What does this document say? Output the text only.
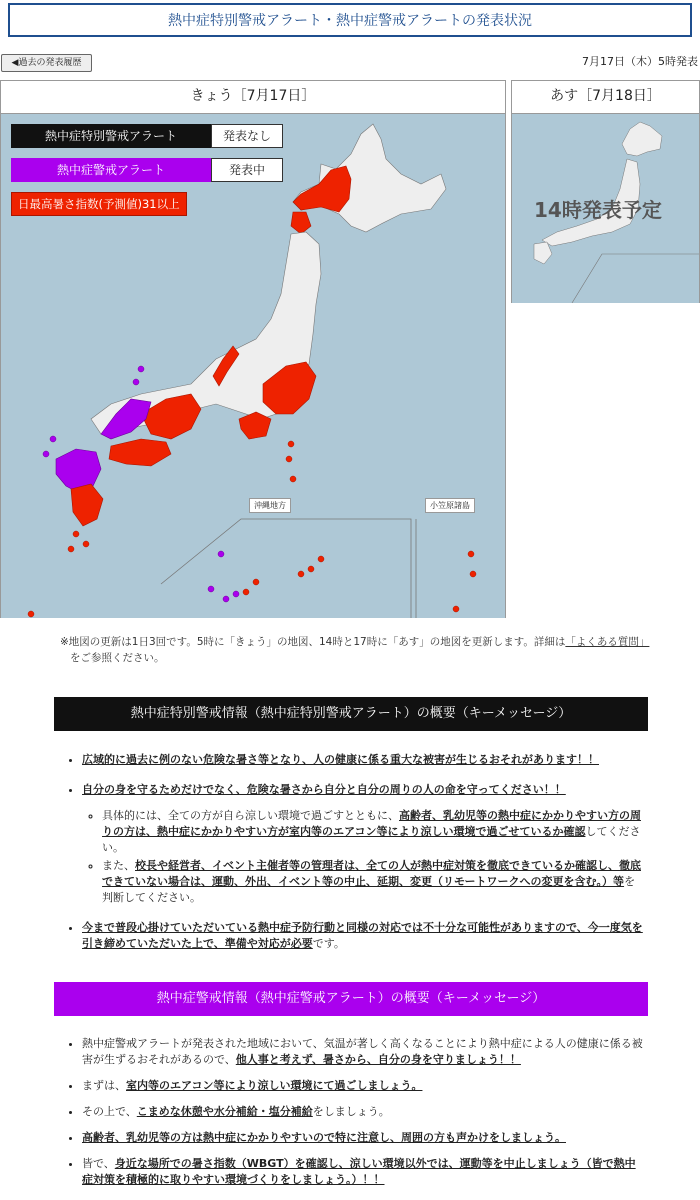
熱中症特別警戒アラート・熱中症警戒アラートの発表状況
◀過去の発表履歴	7月17日（木）5時発表
きょう［7月17日］
熱中症特別警戒アラート	発表なし
熱中症警戒アラート	発表中
日最高暑さ指数(予測値)31以上
沖縄地方	小笠原諸島
あす［7月18日］
14時発表予定
※地図の更新は1日3回です。5時に「きょう」の地図、14時と17時に「あす」の地図を更新します。詳細は「よくある質問」
をご参照ください。
熱中症特別警戒情報（熱中症特別警戒アラート）の概要（キーメッセージ）
• 広域的に過去に例のない危険な暑さ等となり、人の健康に係る重大な被害が生じるおそれがあります！！
• 自分の身を守るためだけでなく、危険な暑さから自分と自分の周りの人の命を守ってください！！
◦ 具体的には、全ての方が自ら涼しい環境で過ごすとともに、高齢者、乳幼児等の熱中症にかかりやすい方の周りの方は、熱中症にかかりやすい方が室内等のエアコン等により涼しい環境で過ごせているか確認してください。
◦ また、校長や経営者、イベント主催者等の管理者は、全ての人が熱中症対策を徹底できているか確認し、徹底できていない場合は、運動、外出、イベント等の中止、延期、変更（リモートワークへの変更を含む。）等を判断してください。
• 今まで普段心掛けていただいている熱中症予防行動と同様の対応では不十分な可能性がありますので、今一度気を引き締めていただいた上で、準備や対応が必要です。
熱中症警戒情報（熱中症警戒アラート）の概要（キーメッセージ）
• 熱中症警戒アラートが発表された地域において、気温が著しく高くなることにより熱中症による人の健康に係る被害が生ずるおそれがあるので、他人事と考えず、暑さから、自分の身を守りましょう！！
• まずは、室内等のエアコン等により涼しい環境にて過ごしましょう。
• その上で、こまめな休憩や水分補給・塩分補給をしましょう。
• 高齢者、乳幼児等の方は熱中症にかかりやすいので特に注意し、周囲の方も声かけをしましょう。
• 皆で、身近な場所での暑さ指数（WBGT）を確認し、涼しい環境以外では、運動等を中止しましょう（皆で熱中症対策を積極的に取りやすい環境づくりをしましょう。）！！
